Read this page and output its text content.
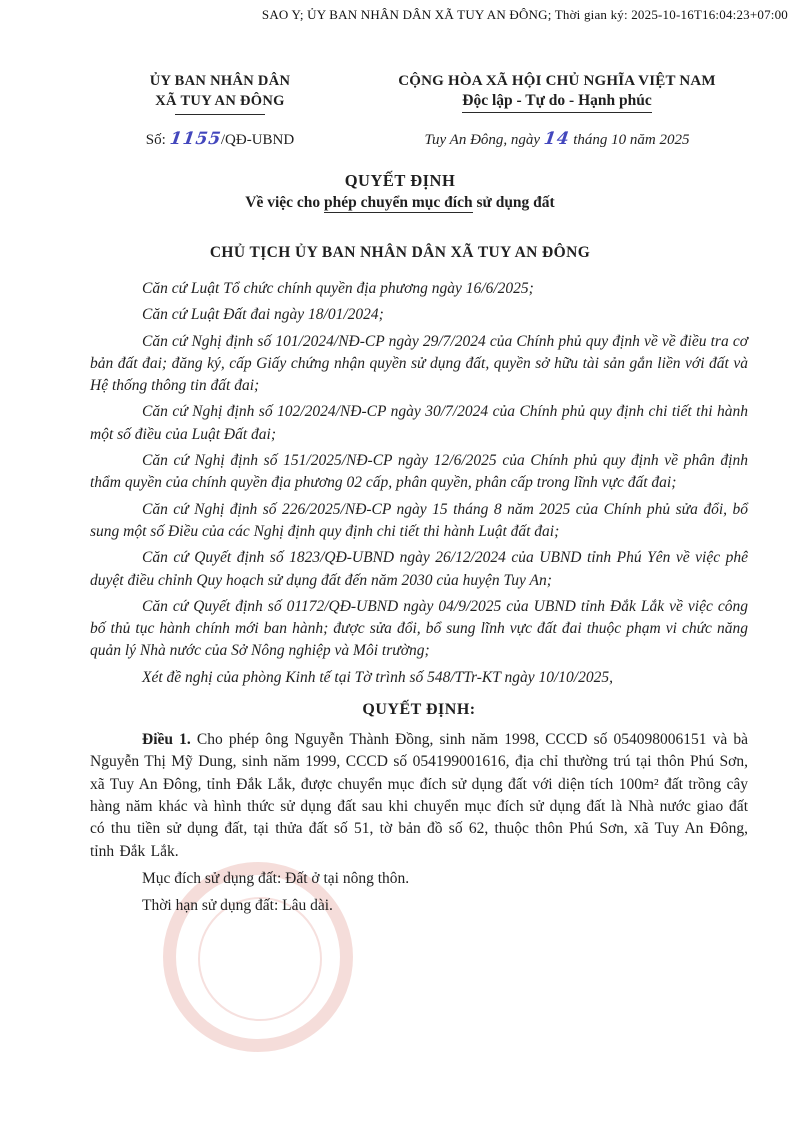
SAO Y; ỦY BAN NHÂN DÂN XÃ TUY AN ĐÔNG; Thời gian ký: 2025-10-16T16:04:23+07:00
ỦY BAN NHÂN DÂN
XÃ TUY AN ĐÔNG
CỘNG HÒA XÃ HỘI CHỦ NGHĨA VIỆT NAM
Độc lập - Tự do - Hạnh phúc
Số: 1155/QĐ-UBND	Tuy An Đông, ngày 14 tháng 10 năm 2025
QUYẾT ĐỊNH
Về việc cho phép chuyển mục đích sử dụng đất
CHỦ TỊCH ỦY BAN NHÂN DÂN XÃ TUY AN ĐÔNG

Căn cứ Luật Tổ chức chính quyền địa phương ngày 16/6/2025;

Căn cứ Luật Đất đai ngày 18/01/2024;

Căn cứ Nghị định số 101/2024/NĐ-CP ngày 29/7/2024 của Chính phủ quy định về về điều tra cơ bản đất đai; đăng ký, cấp Giấy chứng nhận quyền sử dụng đất, quyền sở hữu tài sản gắn liền với đất và Hệ thống thông tin đất đai;

Căn cứ Nghị định số 102/2024/NĐ-CP ngày 30/7/2024 của Chính phủ quy định chi tiết thi hành một số điều của Luật Đất đai;

Căn cứ Nghị định số 151/2025/NĐ-CP ngày 12/6/2025 của Chính phủ quy định về phân định thẩm quyền của chính quyền địa phương 02 cấp, phân quyền, phân cấp trong lĩnh vực đất đai;

Căn cứ Nghị định số 226/2025/NĐ-CP ngày 15 tháng 8 năm 2025 của Chính phủ sửa đổi, bổ sung một số Điều của các Nghị định quy định chi tiết thi hành Luật đất đai;

Căn cứ Quyết định số 1823/QĐ-UBND ngày 26/12/2024 của UBND tỉnh Phú Yên về việc phê duyệt điều chỉnh Quy hoạch sử dụng đất đến năm 2030 của huyện Tuy An;

Căn cứ Quyết định số 01172/QĐ-UBND ngày 04/9/2025 của UBND tỉnh Đắk Lắk về việc công bố thủ tục hành chính mới ban hành; được sửa đổi, bổ sung lĩnh vực đất đai thuộc phạm vi chức năng quản lý Nhà nước của Sở Nông nghiệp và Môi trường;

Xét đề nghị của phòng Kinh tế tại Tờ trình số 548/TTr-KT ngày 10/10/2025,

QUYẾT ĐỊNH:

Điều 1. Cho phép ông Nguyễn Thành Đồng, sinh năm 1998, CCCD số 054098006151 và bà Nguyễn Thị Mỹ Dung, sinh năm 1999, CCCD số 054199001616, địa chỉ thường trú tại thôn Phú Sơn, xã Tuy An Đông, tỉnh Đắk Lắk, được chuyển mục đích sử dụng đất với diện tích 100m² đất trồng cây hàng năm khác và hình thức sử dụng đất sau khi chuyển mục đích sử dụng đất là Nhà nước giao đất có thu tiền sử dụng đất, tại thửa đất số 51, tờ bản đồ số 62, thuộc thôn Phú Sơn, xã Tuy An Đông, tỉnh Đắk Lắk.

Mục đích sử dụng đất: Đất ở tại nông thôn.

Thời hạn sử dụng đất: Lâu dài.
